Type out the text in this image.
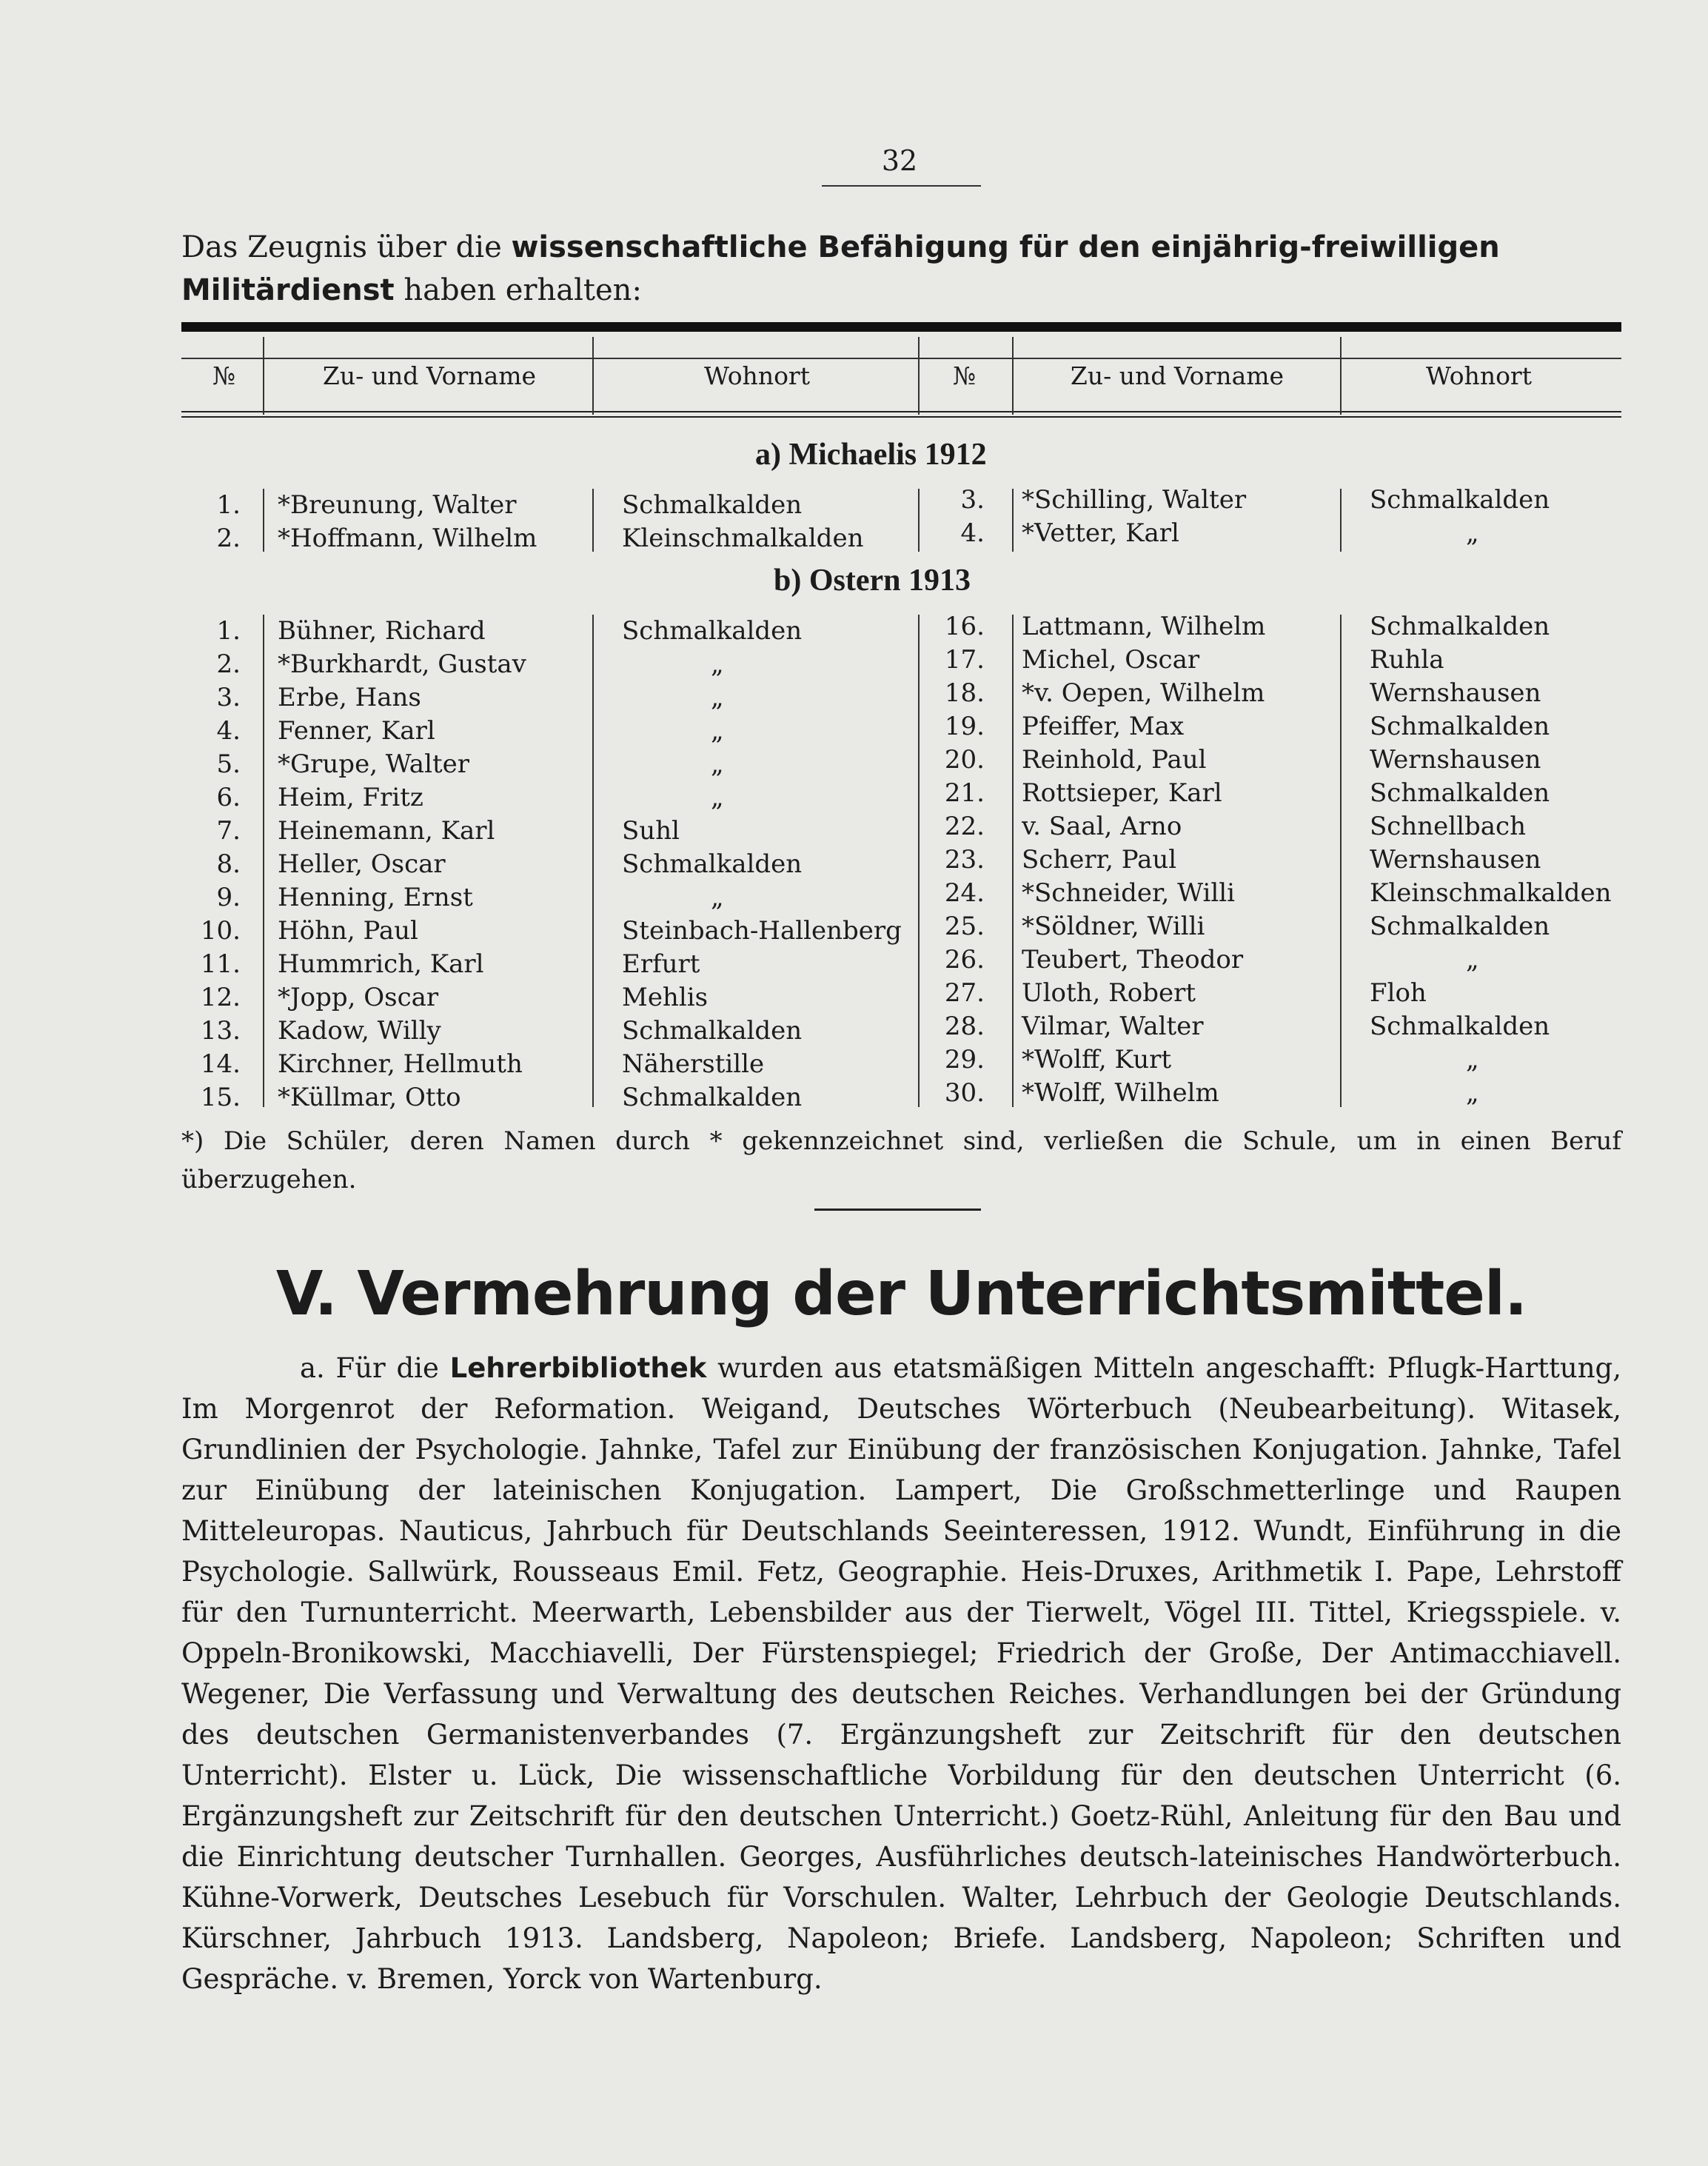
32
Das Zeugnis über die wissenschaftliche Befähigung für den einjährig-freiwilligen Militärdienst haben erhalten:
№	Zu- und Vorname	Wohnort	№	Zu- und Vorname	Wohnort
a) Michaelis 1912
b) Ostern 1913
1. *Breunung, Walter	Schmalkalden
2. *Hoffmann, Wilhelm	Kleinschmalkalden
3. *Schilling, Walter	Schmalkalden
4. *Vetter, Karl	„
1. Bühner, Richard	Schmalkalden
2. *Burkhardt, Gustav	„
3. Erbe, Hans	„
4. Fenner, Karl	„
5. *Grupe, Walter	„
6. Heim, Fritz	„
7. Heinemann, Karl	Suhl
8. Heller, Oscar	Schmalkalden
9. Henning, Ernst	„
10. Höhn, Paul	Steinbach-Hallenberg
11. Hummrich, Karl	Erfurt
12. *Jopp, Oscar	Mehlis
13. Kadow, Willy	Schmalkalden
14. Kirchner, Hellmuth	Näherstille
15. *Küllmar, Otto	Schmalkalden
16. Lattmann, Wilhelm	Schmalkalden
17. Michel, Oscar	Ruhla
18. *v. Oepen, Wilhelm	Wernshausen
19. Pfeiffer, Max	Schmalkalden
20. Reinhold, Paul	Wernshausen
21. Rottsieper, Karl	Schmalkalden
22. v. Saal, Arno	Schnellbach
23. Scherr, Paul	Wernshausen
24. *Schneider, Willi	Kleinschmalkalden
25. *Söldner, Willi	Schmalkalden
26. Teubert, Theodor	„
27. Uloth, Robert	Floh
28. Vilmar, Walter	Schmalkalden
29. *Wolff, Kurt	„
30. *Wolff, Wilhelm	„
*) Die Schüler, deren Namen durch * gekennzeichnet sind, verließen die Schule, um in einen Beruf überzugehen.
V. Vermehrung der Unterrichtsmittel.

a. Für die Lehrerbibliothek wurden aus etatsmäßigen Mitteln angeschafft: Pflugk-Harttung, Im Morgenrot der Reformation. Weigand, Deutsches Wörterbuch (Neubearbeitung). Witasek, Grundlinien der Psychologie. Jahnke, Tafel zur Einübung der französischen Konjugation. Jahnke, Tafel zur Einübung der lateinischen Konjugation. Lampert, Die Großschmetterlinge und Raupen Mitteleuropas. Nauticus, Jahrbuch für Deutschlands Seeinteressen, 1912. Wundt, Einführung in die Psychologie. Sallwürk, Rousseaus Emil. Fetz, Geographie. Heis-Druxes, Arithmetik I. Pape, Lehrstoff für den Turnunterricht. Meerwarth, Lebensbilder aus der Tierwelt, Vögel III. Tittel, Kriegsspiele. v. Oppeln-Bronikowski, Macchiavelli, Der Fürstenspiegel; Friedrich der Große, Der Antimacchiavell. Wegener, Die Verfassung und Verwaltung des deutschen Reiches. Verhandlungen bei der Gründung des deutschen Germanistenverbandes (7. Ergänzungsheft zur Zeitschrift für den deutschen Unterricht). Elster u. Lück, Die wissenschaftliche Vorbildung für den deutschen Unterricht (6. Ergänzungsheft zur Zeitschrift für den deutschen Unterricht.) Goetz-Rühl, Anleitung für den Bau und die Einrichtung deutscher Turnhallen. Georges, Ausführliches deutsch-lateinisches Handwörterbuch. Kühne-Vorwerk, Deutsches Lesebuch für Vorschulen. Walter, Lehrbuch der Geologie Deutschlands. Kürschner, Jahrbuch 1913. Landsberg, Napoleon; Briefe. Landsberg, Napoleon; Schriften und Gespräche. v. Bremen, Yorck von Wartenburg.
